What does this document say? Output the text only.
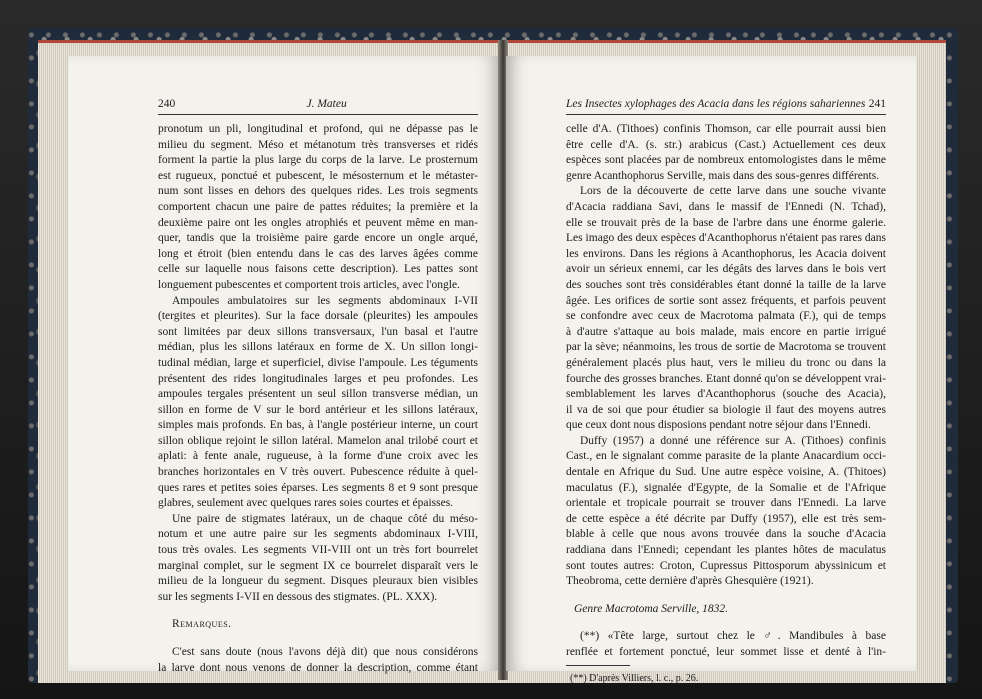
240	J. Mateu
pronotum un pli, longitudinal et profond, qui ne dépasse pas le
milieu du segment. Méso et métanotum très transverses et ridés
forment la partie la plus large du corps de la larve. Le prosternum
est rugueux, ponctué et pubescent, le mésosternum et le métaster-
num sont lisses en dehors des quelques rides. Les trois segments
comportent chacun une paire de pattes réduites; la première et la
deuxième paire ont les ongles atrophiés et peuvent même en man-
quer, tandis que la troisième paire garde encore un ongle arqué,
long et étroit (bien entendu dans le cas des larves âgées comme
celle sur laquelle nous faisons cette description). Les pattes sont
longuement pubescentes et comportent trois articles, avec l'ongle.
Ampoules ambulatoires sur les segments abdominaux I-VII
(tergites et pleurites). Sur la face dorsale (pleurites) les ampoules
sont limitées par deux sillons transversaux, l'un basal et l'autre
médian, plus les sillons latéraux en forme de X. Un sillon longi-
tudinal médian, large et superficiel, divise l'ampoule. Les téguments
présentent des rides longitudinales larges et peu profondes. Les
ampoules tergales présentent un seul sillon transverse médian, un
sillon en forme de V sur le bord antérieur et les sillons latéraux,
simples mais profonds. En bas, à l'angle postérieur interne, un court
sillon oblique rejoint le sillon latéral. Mamelon anal trilobé court et
aplati: à fente anale, rugueuse, à la forme d'une croix avec les
branches horizontales en V très ouvert. Pubescence réduite à quel-
ques rares et petites soies éparses. Les segments 8 et 9 sont presque
glabres, seulement avec quelques rares soies courtes et épaisses.
Une paire de stigmates latéraux, un de chaque côté du méso-
notum et une autre paire sur les segments abdominaux I-VIII,
tous très ovales. Les segments VII-VIII ont un très fort bourrelet
marginal complet, sur le segment IX ce bourrelet disparaît vers le
milieu de la longueur du segment. Disques pleuraux bien visibles
sur les segments I-VII en dessous des stigmates. (PL. XXX).
Remarques.
C'est sans doute (nous l'avons déjà dit) que nous considérons
la larve dont nous venons de donner la description, comme étant
Les Insectes xylophages des Acacia dans les régions sahariennes 241
celle d'A. (Tithoes) confinis Thomson, car elle pourrait aussi bien
être celle d'A. (s. str.) arabicus (Cast.) Actuellement ces deux
espèces sont placées par de nombreux entomologistes dans le même
genre Acanthophorus Serville, mais dans des sous-genres différents.
Lors de la découverte de cette larve dans une souche vivante
d'Acacia raddiana Savi, dans le massif de l'Ennedi (N. Tchad),
elle se trouvait près de la base de l'arbre dans une énorme galerie.
Les imago des deux espèces d'Acanthophorus n'étaient pas rares dans
les environs. Dans les régions à Acanthophorus, les Acacia doivent
avoir un sérieux ennemi, car les dégâts des larves dans le bois vert
des souches sont très considérables étant donné la taille de la larve
âgée. Les orifices de sortie sont assez fréquents, et parfois peuvent
se confondre avec ceux de Macrotoma palmata (F.), qui de temps
à d'autre s'attaque au bois malade, mais encore en partie irrigué
par la sève; néanmoins, les trous de sortie de Macrotoma se trouvent
généralement placés plus haut, vers le milieu du tronc ou dans la
fourche des grosses branches. Etant donné qu'on se développent vrai-
semblablement les larves d'Acanthophorus (souche des Acacia),
il va de soi que pour étudier sa biologie il faut des moyens autres
que ceux dont nous disposions pendant notre séjour dans l'Ennedi.
Duffy (1957) a donné une référence sur A. (Tithoes) confinis
Cast., en le signalant comme parasite de la plante Anacardium occi-
dentale en Afrique du Sud. Une autre espèce voisine, A. (Thitoes)
maculatus (F.), signalée d'Egypte, de la Somalie et de l'Afrique
orientale et tropicale pourrait se trouver dans l'Ennedi. La larve
de cette espèce a été décrite par Duffy (1957), elle est très sem-
blable à celle que nous avons trouvée dans la souche d'Acacia
raddiana dans l'Ennedi; cependant les plantes hôtes de maculatus
sont toutes autres: Croton, Cupressus Pittosporum abyssinicum et
Theobroma, cette dernière d'après Ghesquière (1921).
Genre Macrotoma Serville, 1832.
(**) «Tête large, surtout chez le ♂. Mandibules à base
renflée et fortement ponctué, leur sommet lisse et denté à l'in-
(**) D'après Villiers, l. c., p. 26.
